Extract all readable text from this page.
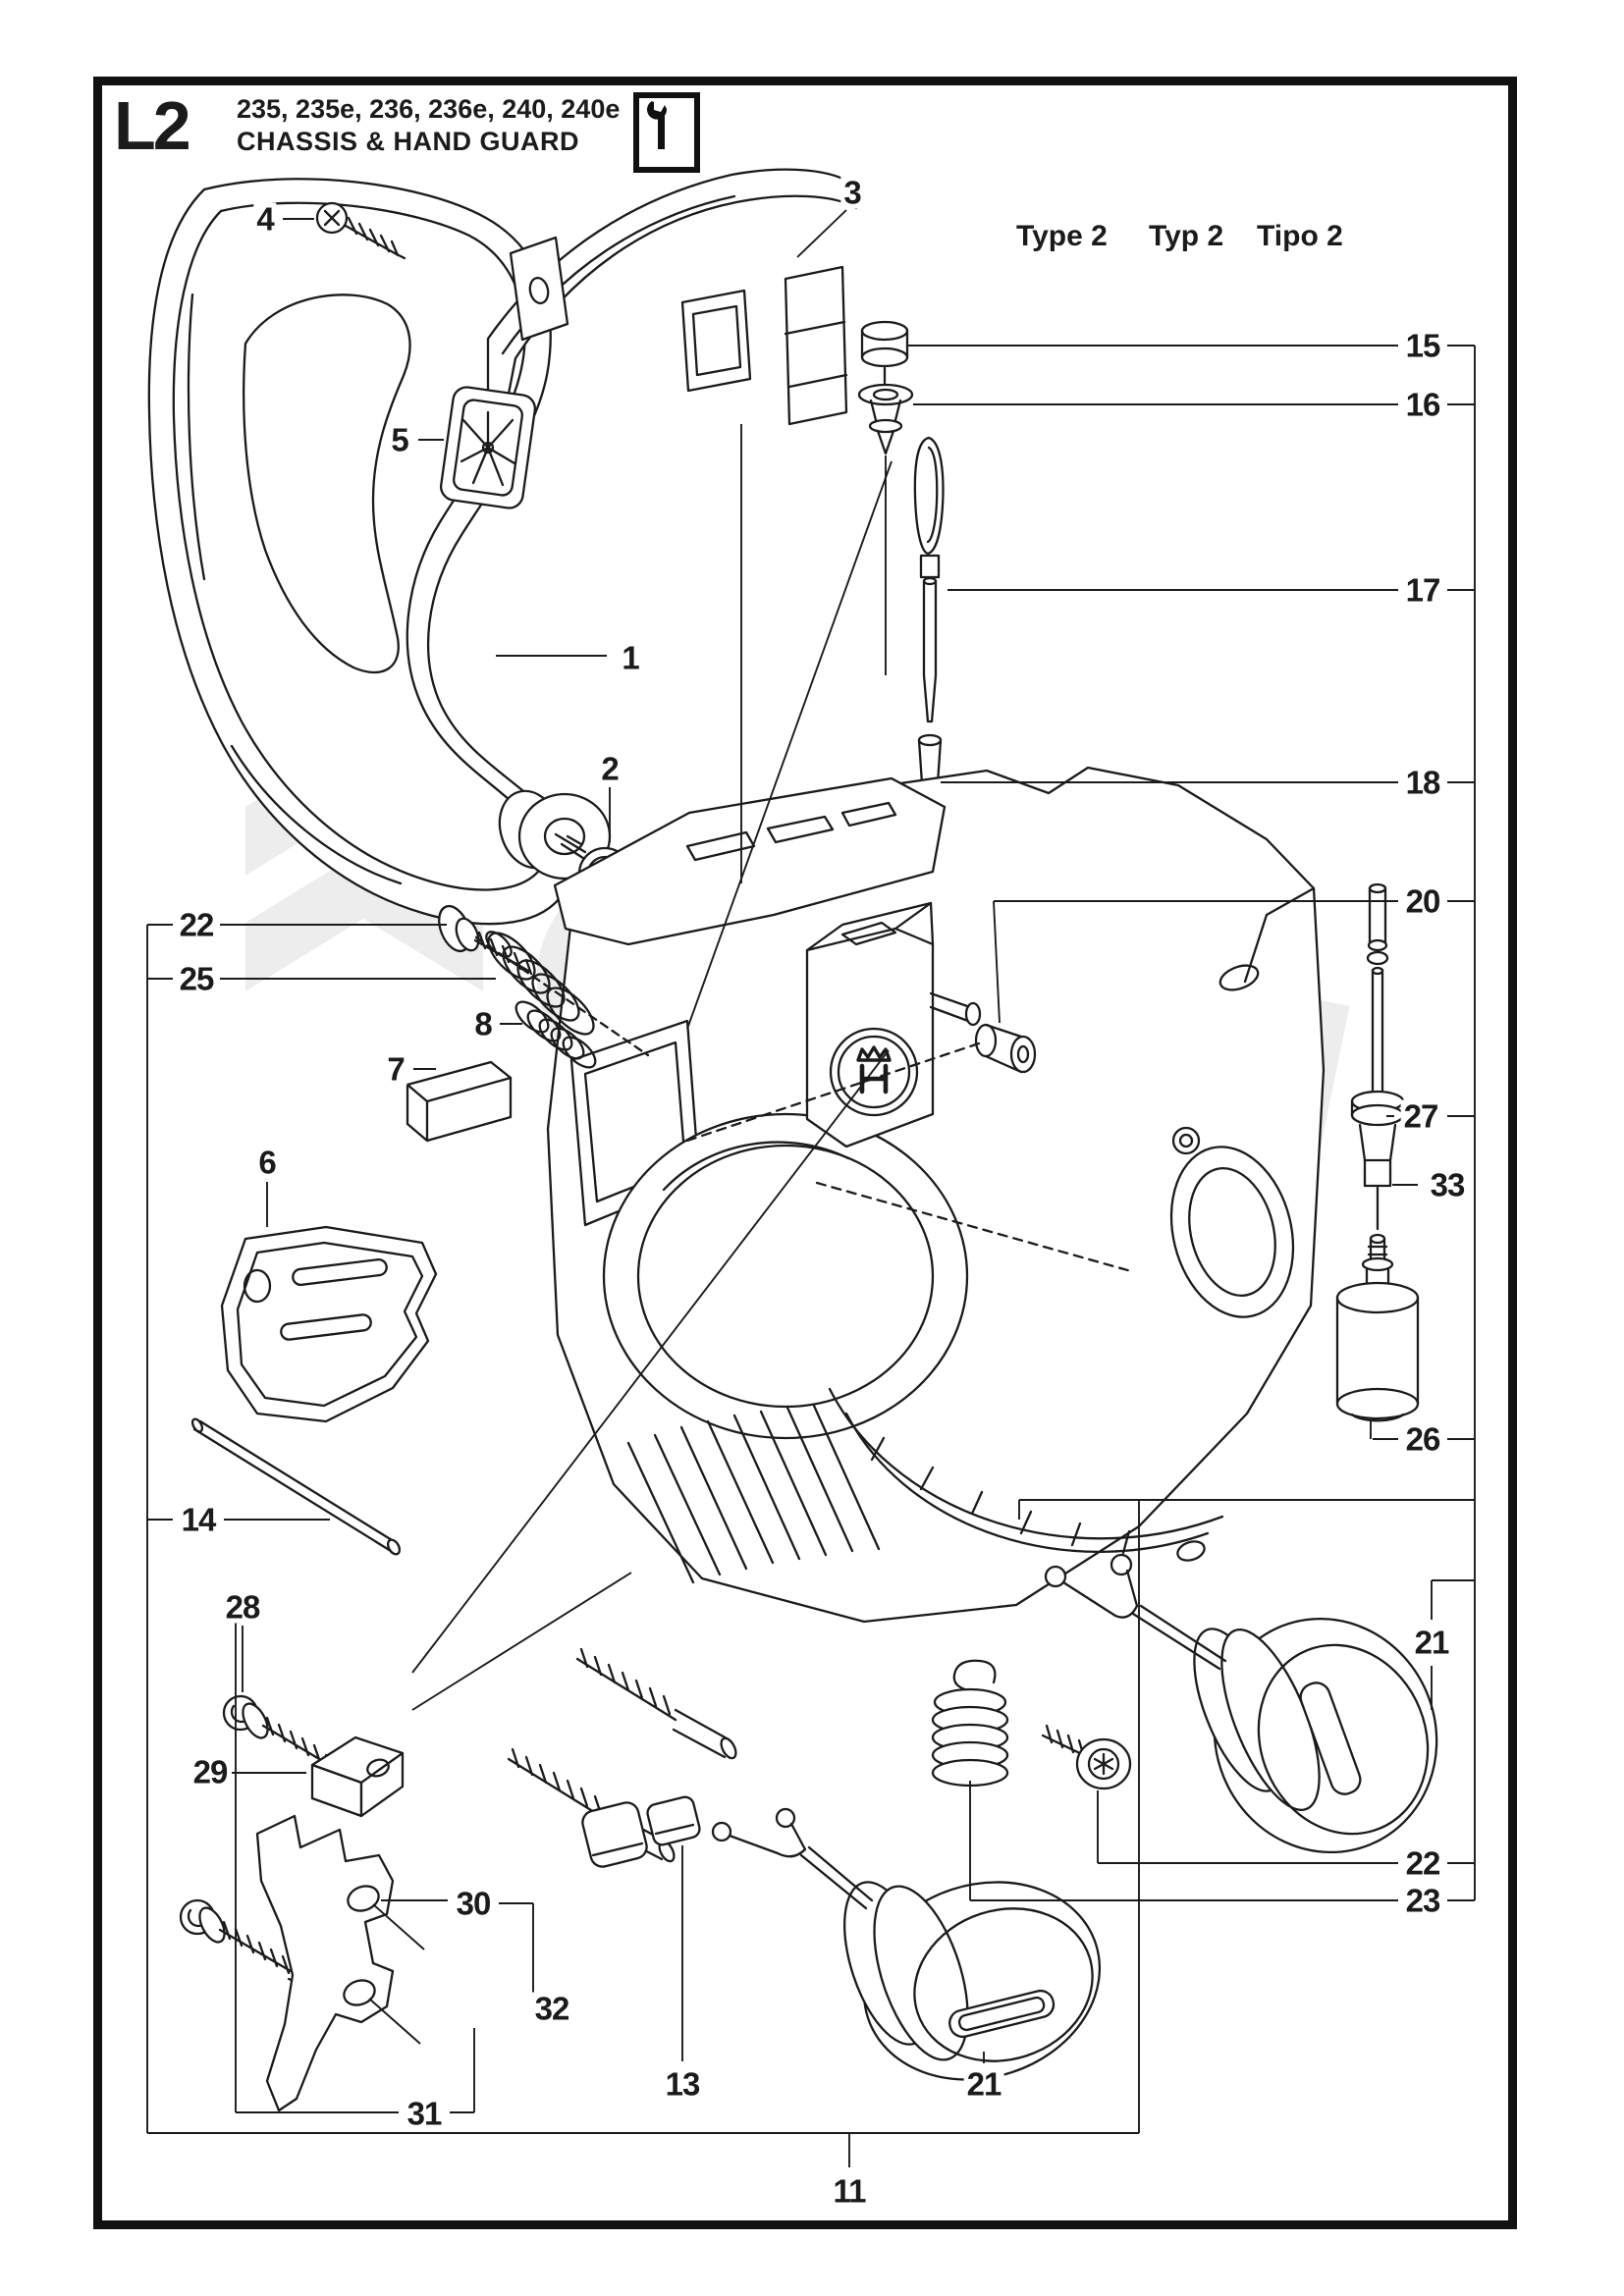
L2 235, 235e, 236, 236e, 240, 240e
CHASSIS & HAND GUARD
Type 2 Typ 2 Tipo 2
1
2
3
4
5
6
7
8
11
13
14
15
16
17
18
20
27
33
26
21
22
23
22
25
28
29
30
31
32
21
